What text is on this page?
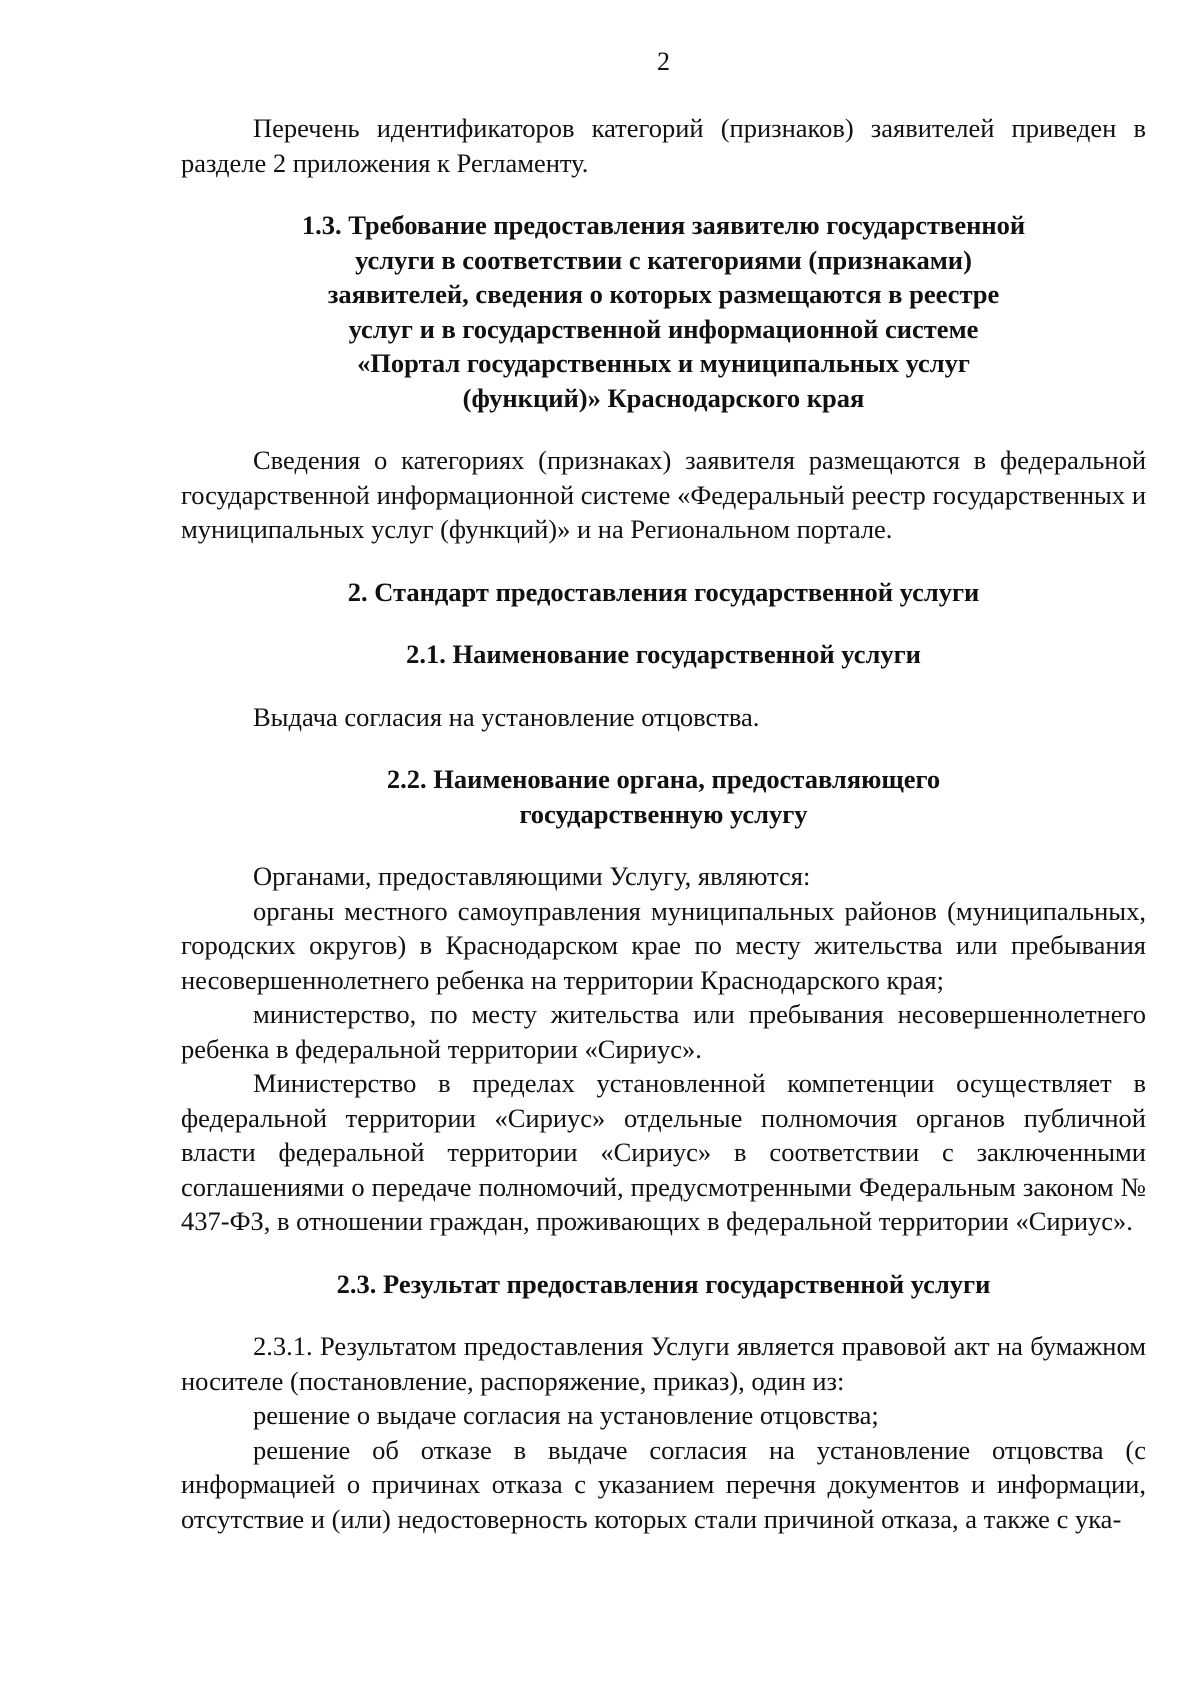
2

Перечень идентификаторов категорий (признаков) заявителей приведен в разделе 2 приложения к Регламенту.

1.3. Требование предоставления заявителю государственной
услуги в соответствии с категориями (признаками)
заявителей, сведения о которых размещаются в реестре
услуг и в государственной информационной системе
«Портал государственных и муниципальных услуг
(функций)» Краснодарского края

Сведения о категориях (признаках) заявителя размещаются в федеральной государственной информационной системе «Федеральный реестр государственных и муниципальных услуг (функций)» и на Региональном портале.

2. Стандарт предоставления государственной услуги
2.1. Наименование государственной услуги

Выдача согласия на установление отцовства.

2.2. Наименование органа, предоставляющего
государственную услугу

Органами, предоставляющими Услугу, являются:

органы местного самоуправления муниципальных районов (муниципальных, городских округов) в Краснодарском крае по месту жительства или пребывания несовершеннолетнего ребенка на территории Краснодарского края;

министерство, по месту жительства или пребывания несовершеннолетнего ребенка в федеральной территории «Сириус».

Министерство в пределах установленной компетенции осуществляет в федеральной территории «Сириус» отдельные полномочия органов публичной власти федеральной территории «Сириус» в соответствии с заключенными соглашениями о передаче полномочий, предусмотренными Федеральным законом № 437-ФЗ, в отношении граждан, проживающих в федеральной территории «Сириус».

2.3. Результат предоставления государственной услуги

2.3.1. Результатом предоставления Услуги является правовой акт на бумажном носителе (постановление, распоряжение, приказ), один из:

решение о выдаче согласия на установление отцовства;

решение об отказе в выдаче согласия на установление отцовства (с информацией о причинах отказа с указанием перечня документов и информации, отсутствие и (или) недостоверность которых стали причиной отказа, а также с ука-
